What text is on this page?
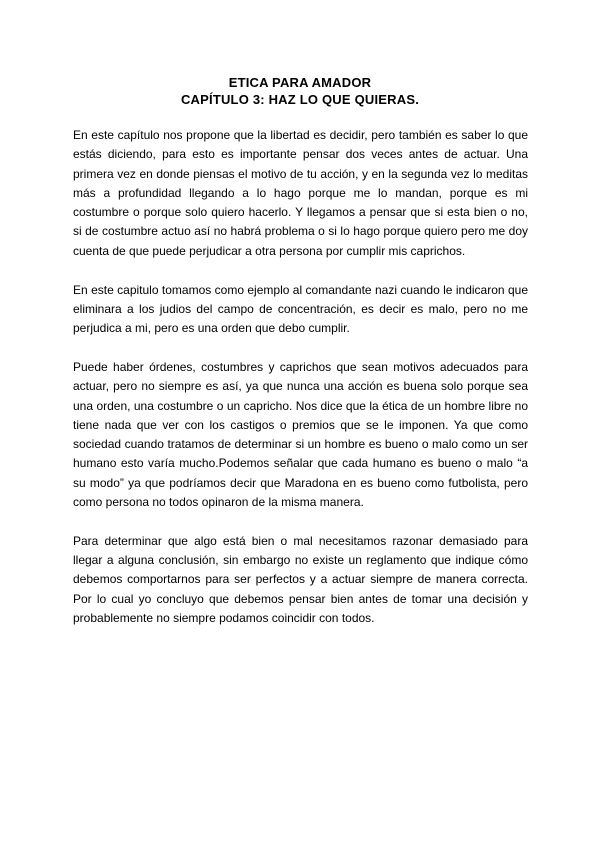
ETICA PARA AMADOR
CAPÍTULO 3: HAZ LO QUE QUIERAS.

En este capítulo nos propone que la libertad es decidir, pero también es saber lo que estás diciendo, para esto es importante pensar dos veces antes de actuar. Una primera vez en donde piensas el motivo de tu acción, y en la segunda vez lo meditas más a profundidad llegando a lo hago porque me lo mandan, porque es mi costumbre o porque solo quiero hacerlo. Y llegamos a pensar que si esta bien o no, si de costumbre actuo así no habrá problema o si lo hago porque quiero pero me doy cuenta de que puede perjudicar a otra persona por cumplir mis caprichos.

En este capitulo tomamos como ejemplo al comandante nazi cuando le indicaron que eliminara a los judios del campo de concentración, es decir es malo, pero no me perjudica a mi, pero es una orden que debo cumplir.

Puede haber órdenes, costumbres y caprichos que sean motivos adecuados para actuar, pero no siempre es así, ya que nunca una acción es buena solo porque sea una orden, una costumbre o un capricho. Nos dice que la ética de un hombre libre no tiene nada que ver con los castigos o premios que se le imponen. Ya que como sociedad cuando tratamos de determinar si un hombre es bueno o malo como un ser humano esto varía mucho.Podemos señalar que cada humano es bueno o malo “a su modo” ya que podríamos decir que Maradona en es bueno como futbolista, pero como persona no todos opinaron de la misma manera.

Para determinar que algo está bien o mal necesitamos razonar demasiado para llegar a alguna conclusión, sin embargo no existe un reglamento que indique cómo debemos comportarnos para ser perfectos y a actuar siempre de manera correcta. Por lo cual yo concluyo que debemos pensar bien antes de tomar una decisión y probablemente no siempre podamos coincidir con todos.
